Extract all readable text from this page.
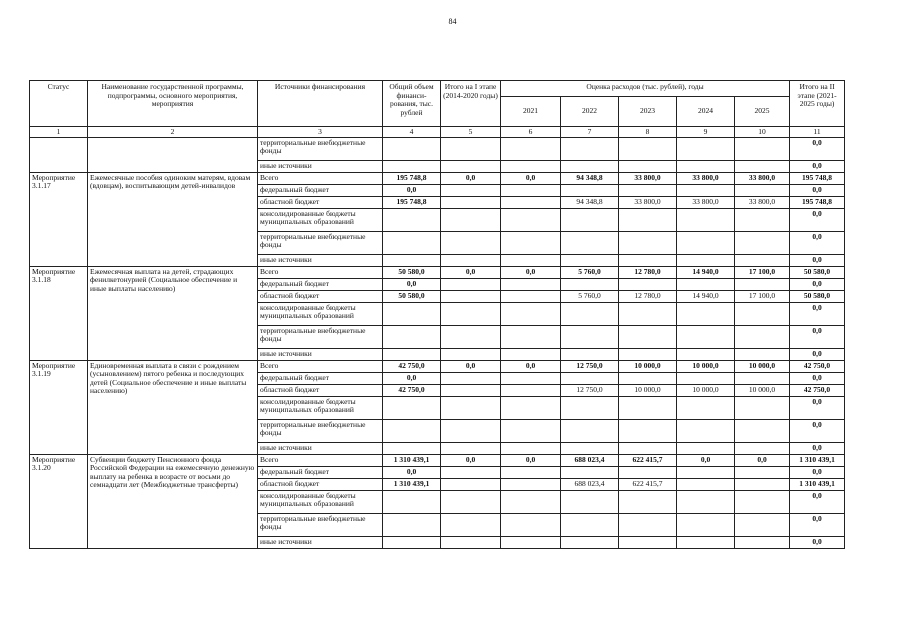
84
Статус	Наименование государственной программы, подпрограммы, основного мероприятия, мероприятия	Источники финансирования	Общий объем финанси-рования, тыс. рублей	Итого на I этапе (2014-2020 годы)	Оценка расходов (тыс. рублей), годы					Итого на II этапе (2021-2025 годы)
					2021	2022	2023	2024	2025	
1	2	3	4	5	6	7	8	9	10	11
		территориальные внебюджетные фонды								0,0
		иные источники								0,0
Мероприятие 3.1.17	Ежемесячные пособия одиноким матерям, вдовам (вдовцам), воспитывающим детей-инвалидов	Всего	195 748,8	0,0	0,0	94 348,8	33 800,0	33 800,0	33 800,0	195 748,8
		федеральный бюджет	0,0							0,0
		областной бюджет	195 748,8			94 348,8	33 800,0	33 800,0	33 800,0	195 748,8
		консолидированные бюджеты муниципальных образований								0,0
		территориальные внебюджетные фонды								0,0
		иные источники								0,0
Мероприятие 3.1.18	Ежемесячная выплата на детей, страдающих фенилкетонурией (Социальное обеспечение и иные выплаты населению)	Всего	50 580,0	0,0	0,0	5 760,0	12 780,0	14 940,0	17 100,0	50 580,0
		федеральный бюджет	0,0							0,0
		областной бюджет	50 580,0			5 760,0	12 780,0	14 940,0	17 100,0	50 580,0
		консолидированные бюджеты муниципальных образований								0,0
		территориальные внебюджетные фонды								0,0
		иные источники								0,0
Мероприятие 3.1.19	Единовременная выплата в связи с рождением (усыновлением) пятого ребенка и последующих детей (Социальное обеспечение и иные выплаты населению)	Всего	42 750,0	0,0	0,0	12 750,0	10 000,0	10 000,0	10 000,0	42 750,0
		федеральный бюджет	0,0							0,0
		областной бюджет	42 750,0			12 750,0	10 000,0	10 000,0	10 000,0	42 750,0
		консолидированные бюджеты муниципальных образований								0,0
		территориальные внебюджетные фонды								0,0
		иные источники								0,0
Мероприятие 3.1.20	Субвенции бюджету Пенсионного фонда Российской Федерации на ежемесячную денежную выплату на ребенка в возрасте от восьми до семнадцати лет (Межбюджетные трансферты)	Всего	1 310 439,1	0,0	0,0	688 023,4	622 415,7	0,0	0,0	1 310 439,1
		федеральный бюджет	0,0							0,0
		областной бюджет	1 310 439,1			688 023,4	622 415,7			1 310 439,1
		консолидированные бюджеты муниципальных образований								0,0
		территориальные внебюджетные фонды								0,0
		иные источники								0,0
